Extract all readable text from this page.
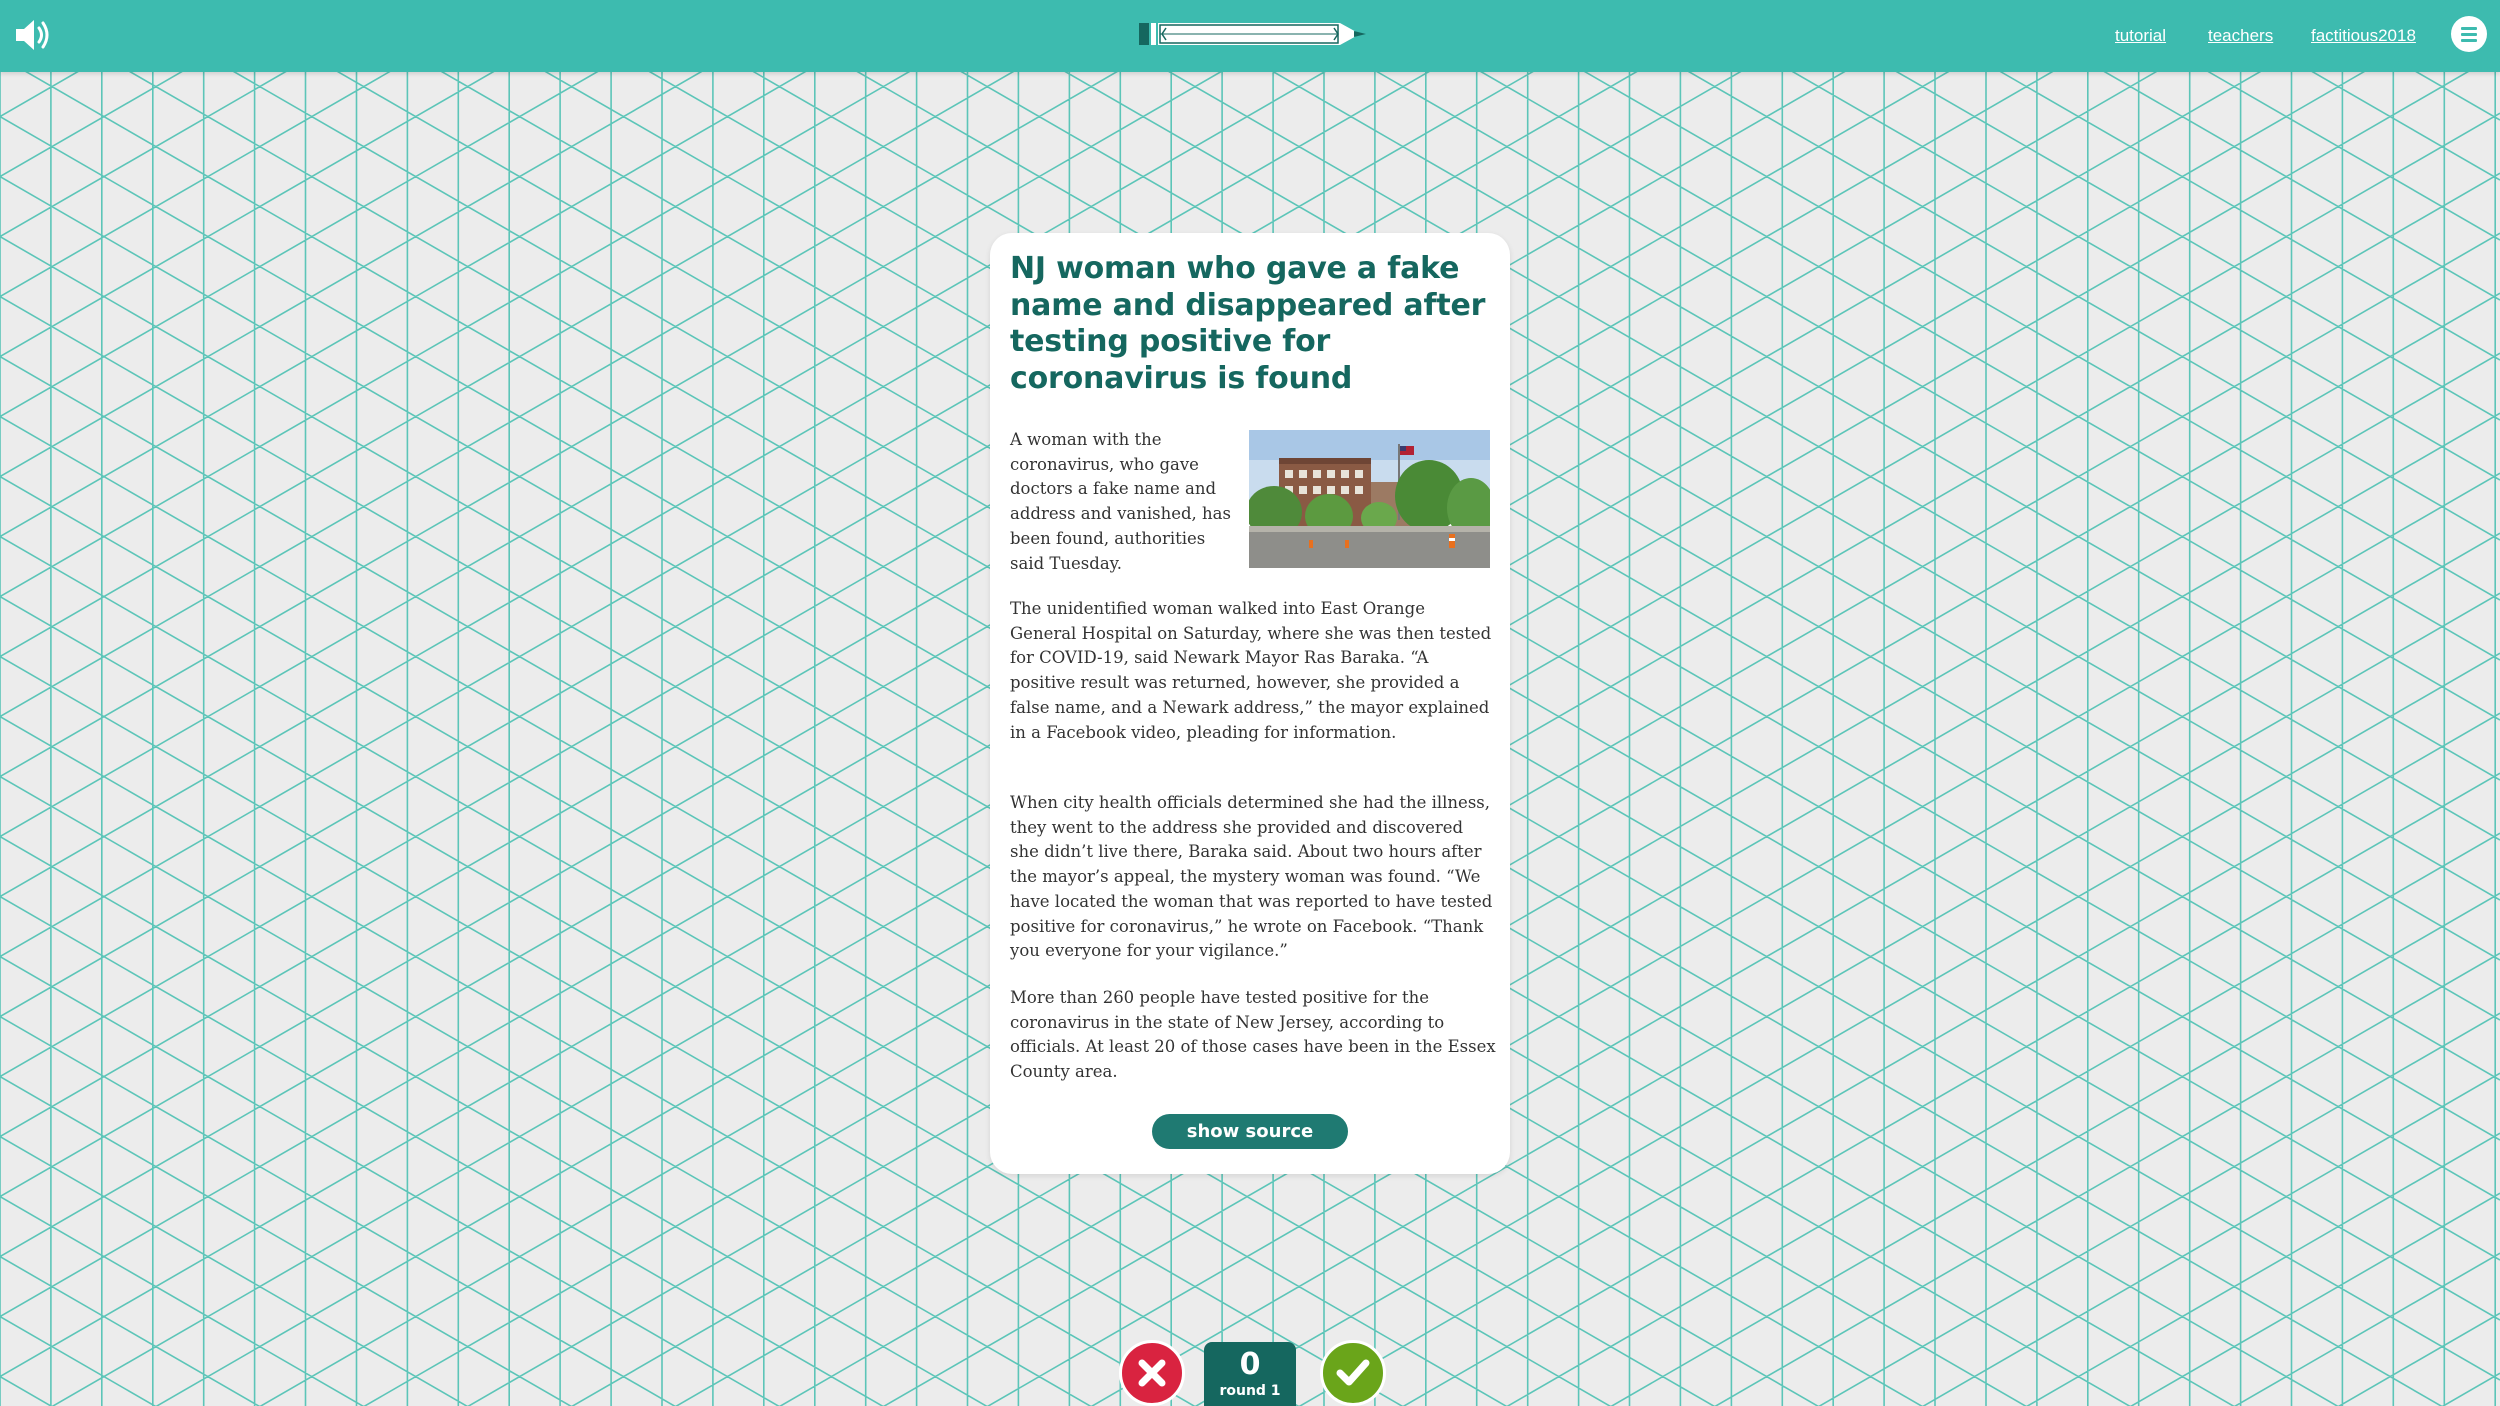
tutorial teachers factitious2018
NJ woman who gave a fake name and disappeared after testing positive for coronavirus is found

A woman with the coronavirus, who gave doctors a fake name and address and vanished, has been found, authorities said Tuesday.

The unidentified woman walked into East Orange General Hospital on Saturday, where she was then tested for COVID-19, said Newark Mayor Ras Baraka. “A positive result was returned, however, she provided a false name, and a Newark address,” the mayor explained in a Facebook video, pleading for information.

When city health officials determined she had the illness, they went to the address she provided and discovered she didn’t live there, Baraka said. About two hours after the mayor’s appeal, the mystery woman was found. “We have located the woman that was reported to have tested positive for coronavirus,” he wrote on Facebook. “Thank you everyone for your vigilance.”

More than 260 people have tested positive for the coronavirus in the state of New Jersey, according to officials. At least 20 of those cases have been in the Essex County area.

show source
0
round 1
